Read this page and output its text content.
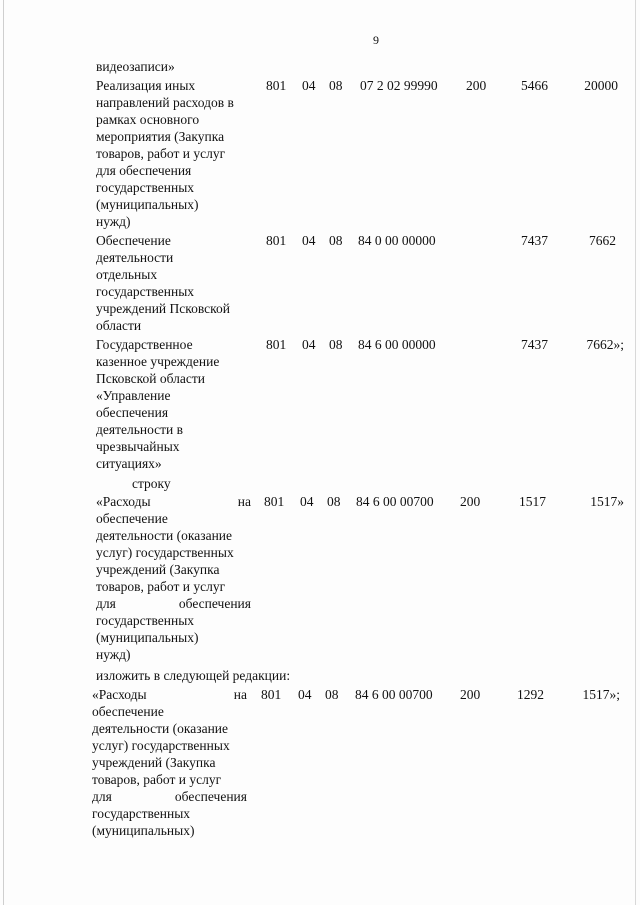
9
видеозаписи»
Реализация иных
направлений расходов в
рамках основного
мероприятия (Закупка
товаров, работ и услуг
для обеспечения
государственных
(муниципальных)
нужд)
801 04 08 07 2 02 99990 200	5466	20000
Обеспечение
деятельности
отдельных
государственных
учреждений Псковской
области
801 04 08 84 0 00 00000	7437	7662
Государственное
казенное учреждение
Псковской области
«Управление
обеспечения
деятельности в
чрезвычайных
ситуациях»
801 04 08 84 6 00 00000	7437	7662»;
строку
«Расходы	на
обеспечение
деятельности (оказание
услуг) государственных
учреждений (Закупка
товаров, работ и услуг
для	обеспечения
государственных
(муниципальных)
нужд)
801 04 08 84 6 00 00700 200	1517	1517»
изложить в следующей редакции:
«Расходы	на
обеспечение
деятельности (оказание
услуг) государственных
учреждений (Закупка
товаров, работ и услуг
для	обеспечения
государственных
(муниципальных)
801 04 08 84 6 00 00700 200	1292	1517»;
